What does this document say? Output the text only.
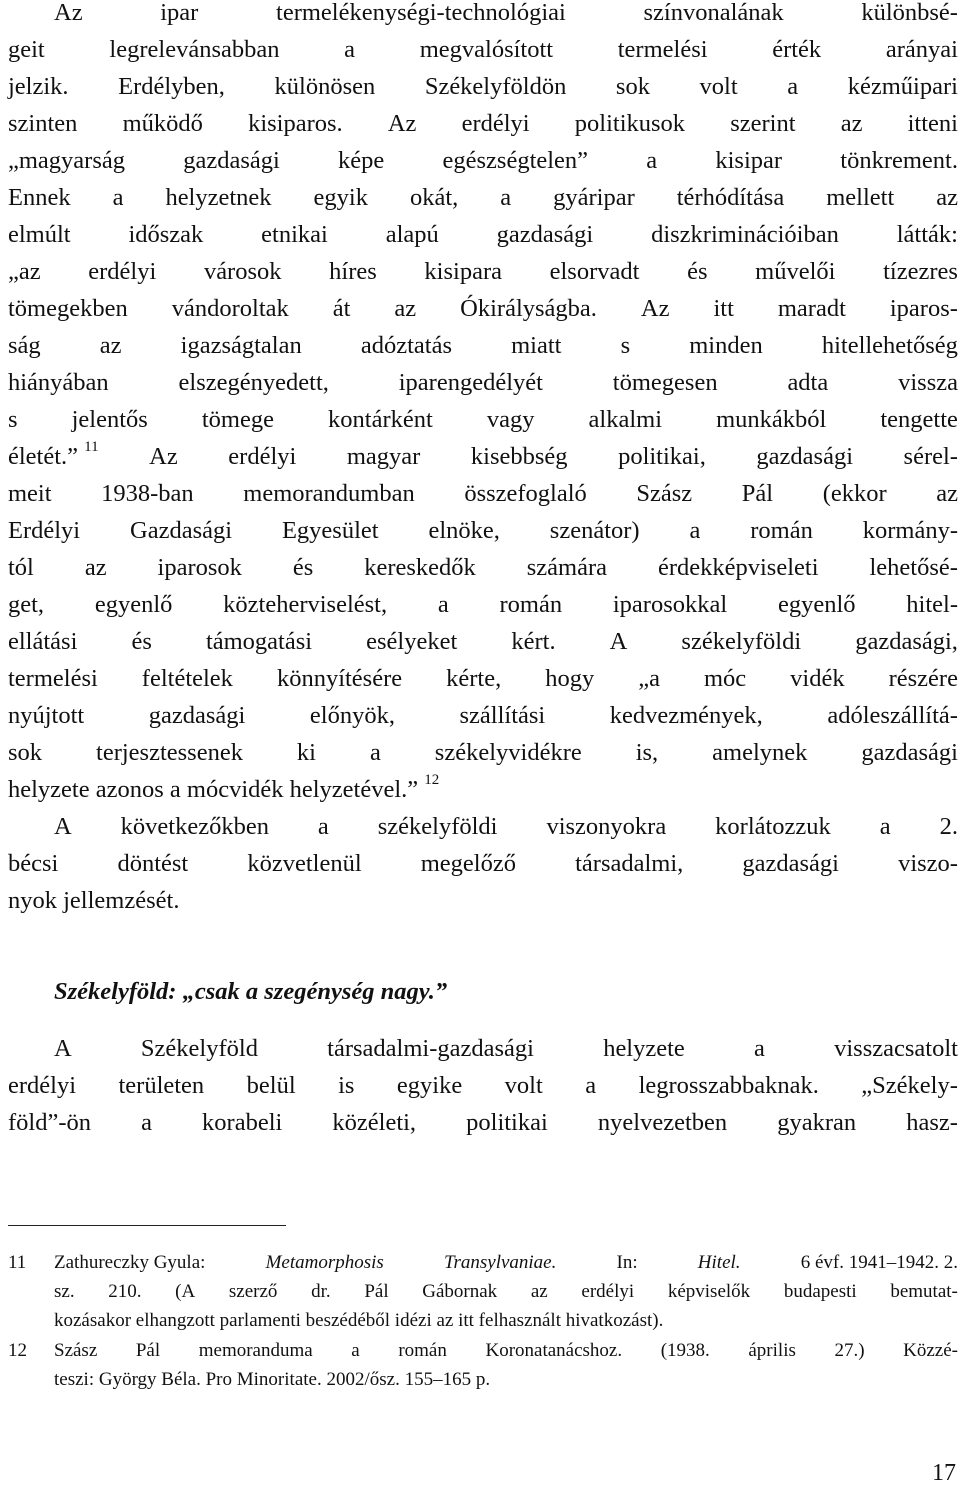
Az	ipar	termelékenységi-technológiai	színvonalának	különbsé-
geit	legrelevánsabban	a	megvalósított	termelési	érték	arányai
jelzik. Erdélyben, különösen Székelyföldön sok volt a kézműipari
szinten működő kisiparos. Az erdélyi politikusok szerint az itteni
„magyarság gazdasági képe egészségtelen” a kisipar tönkrement.
Ennek a helyzetnek egyik okát, a gyáripar térhódítása mellett az
elmúlt időszak etnikai alapú gazdasági diszkriminációiban látták:
„az erdélyi városok híres kisipara elsorvadt és művelői tízezres
tömegekben vándoroltak át az Ókirályságba. Az itt maradt iparos-
ság az igazságtalan adóztatás miatt s minden hitellehetőség
hiányában	elszegényedett,	iparengedélyét	tömegesen	adta	vissza
s jelentős tömege kontárként vagy alkalmi munkákból tengette
életét.” $^{11}$ Az erdélyi magyar kisebbség politikai, gazdasági sérel-
meit 1938-ban memorandumban összefoglaló Szász Pál (ekkor az
Erdélyi Gazdasági Egyesület elnöke, szenátor) a román kormány-
tól az iparosok és kereskedők számára érdekképviseleti lehetősé-
get, egyenlő közteherviselést, a román iparosokkal egyenlő hitel-
ellátási és támogatási esélyeket kért. A székelyföldi gazdasági,
termelési feltételek könnyítésére kérte, hogy „a móc vidék részére
nyújtott	gazdasági	előnyök,	szállítási	kedvezmények,	adóleszállítá-
sok terjesztessenek ki a székelyvidékre is, amelynek gazdasági
helyzete azonos a mócvidék helyzetével.” $^{12}$
A következőkben a székelyföldi viszonyokra korlátozzuk a 2.
bécsi döntést közvetlenül megelőző társadalmi, gazdasági viszo-
nyok jellemzését.
A	Székelyföld	társadalmi-gazdasági	helyzete	a	visszacsatolt
erdélyi területen belül is egyike volt a legrosszabbaknak. „Székely-
föld”-ön a korabeli közéleti, politikai nyelvezetben gyakran hasz-
Székelyföld: „csak a szegénység nagy.”
11	Zathureczky Gyula:	Metamorphosis	Transylvaniae.	In:	Hitel.	6 évf. 1941–1942. 2.
sz. 210. (A szerző dr. Pál Gábornak az erdélyi képviselők budapesti bemutat-
kozásakor elhangzott parlamenti beszédéből idézi az itt felhasznált hivatkozást).
12	Szász Pál memoranduma a román Koronatanácshoz. (1938. április 27.) Közzé-
teszi: György Béla. Pro Minoritate. 2002/ősz. 155–165 p.
17
